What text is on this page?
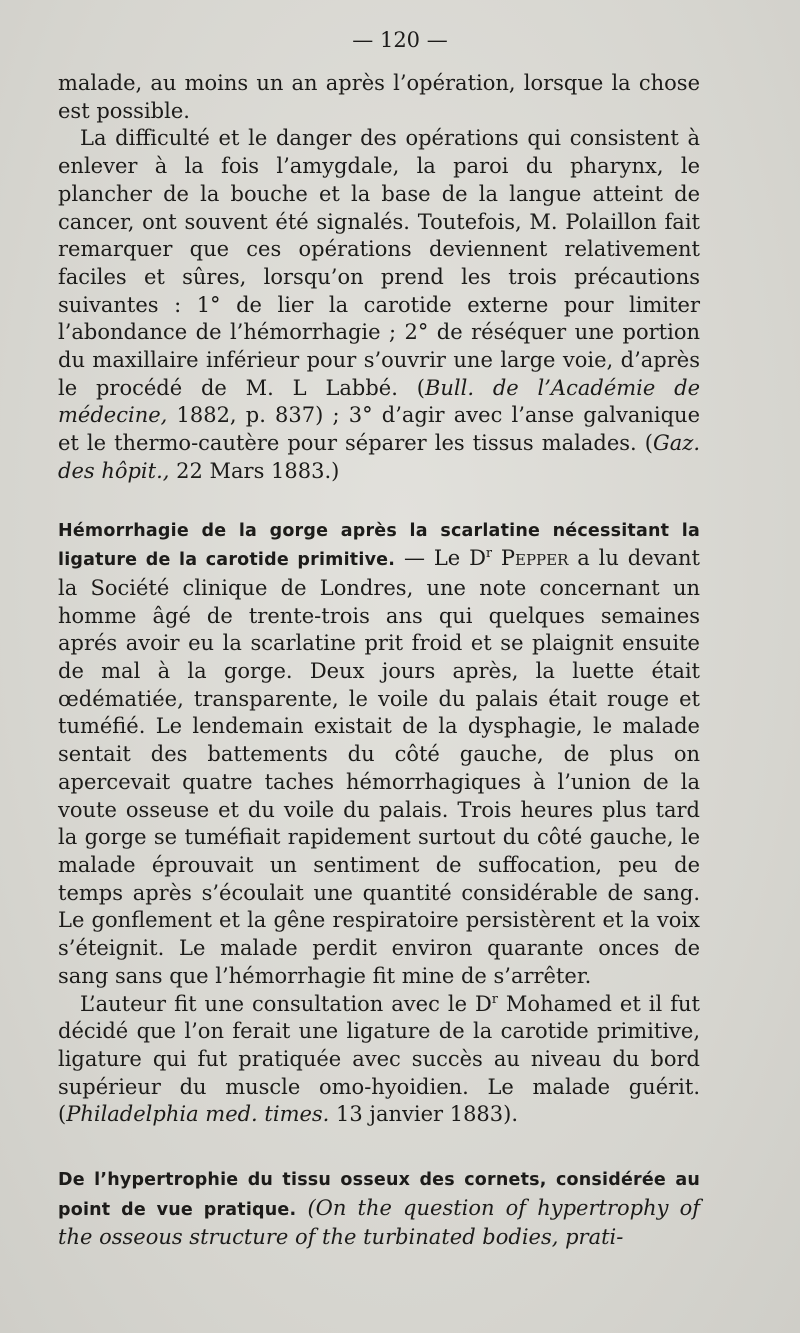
— 120 —

malade, au moins un an après l’opération, lorsque la chose est possible.

La difficulté et le danger des opérations qui consistent à enlever à la fois l’amygdale, la paroi du pharynx, le plancher de la bouche et la base de la langue atteint de cancer, ont souvent été signalés. Toutefois, M. Polaillon fait remarquer que ces opérations deviennent relativement faciles et sûres, lorsqu’on prend les trois précautions suivantes : 1° de lier la carotide externe pour limiter l’abondance de l’hémorrhagie ; 2° de réséquer une portion du maxillaire inférieur pour s’ouvrir une large voie, d’après le procédé de M. L Labbé. (Bull. de l’Académie de médecine, 1882, p. 837) ; 3° d’agir avec l’anse galvanique et le thermo-cautère pour séparer les tissus malades. (Gaz. des hôpit., 22 Mars 1883.)

Hémorrhagie de la gorge après la scarlatine nécessitant la ligature de la carotide primitive. — Le $D^r$ Pepper a lu devant la Société clinique de Londres, une note concernant un homme âgé de trente-trois ans qui quelques semaines aprés avoir eu la scarlatine prit froid et se plaignit ensuite de mal à la gorge. Deux jours après, la luette était œdématiée, transparente, le voile du palais était rouge et tuméfié. Le lendemain existait de la dysphagie, le malade sentait des battements du côté gauche, de plus on apercevait quatre taches hémorrhagiques à l’union de la voute osseuse et du voile du palais. Trois heures plus tard la gorge se tuméfiait rapidement surtout du côté gauche, le malade éprouvait un sentiment de suffocation, peu de temps après s’écoulait une quantité considérable de sang. Le gonflement et la gêne respiratoire persistèrent et la voix s’éteignit. Le malade perdit environ quarante onces de sang sans que l’hémorrhagie fit mine de s’arrêter.

L’auteur fit une consultation avec le $D^r$ Mohamed et il fut décidé que l’on ferait une ligature de la carotide primitive, ligature qui fut pratiquée avec succès au niveau du bord supérieur du muscle omo-hyoidien. Le malade guérit. (Philadelphia med. times. 13 janvier 1883).

De l’hypertrophie du tissu osseux des cornets, considérée au point de vue pratique. (On the question of hypertrophy of the osseous structure of the turbinated bodies, prati-
